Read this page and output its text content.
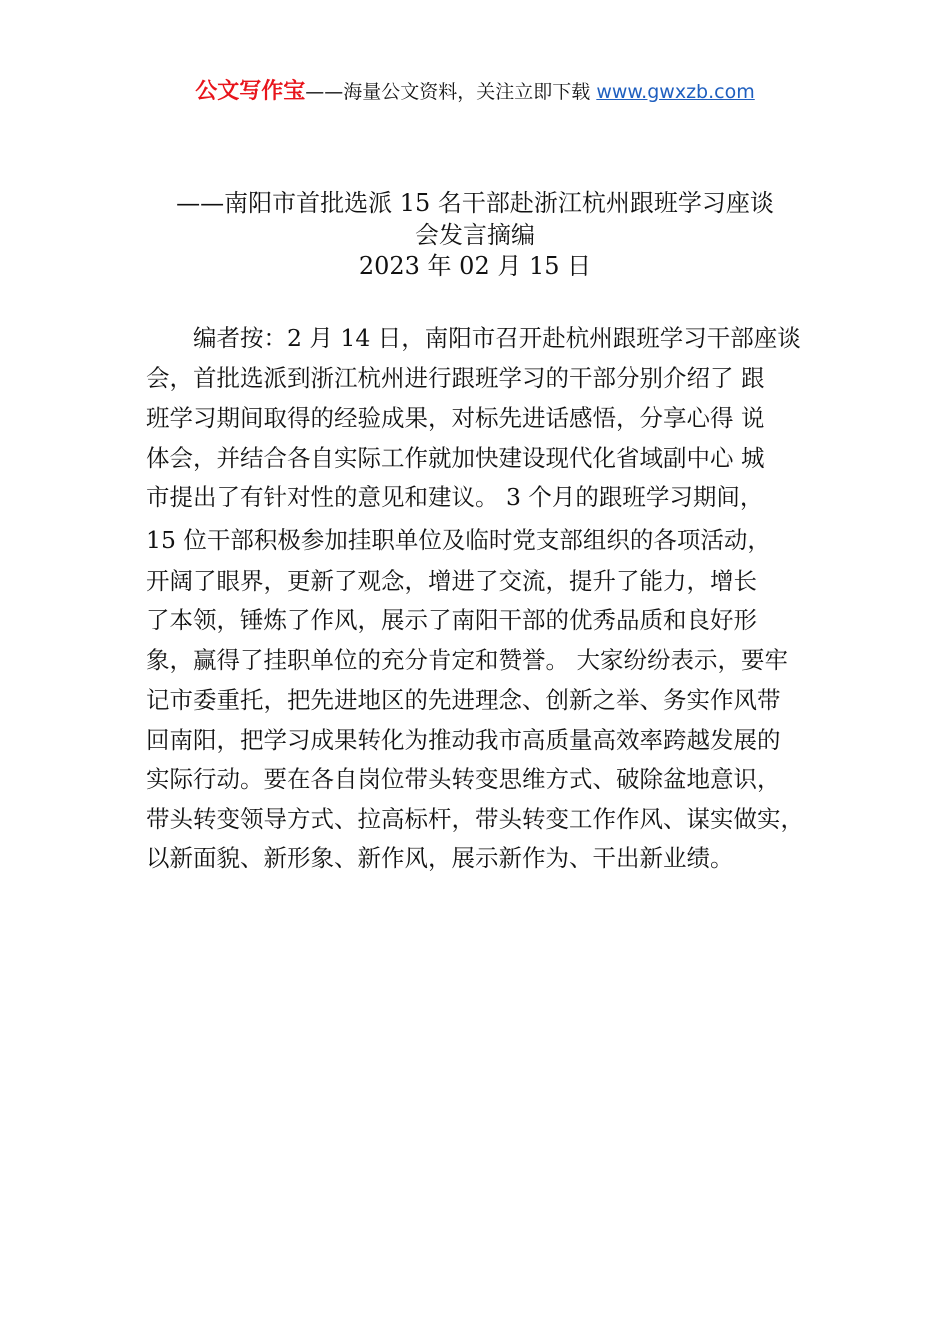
公文写作宝——海量公文资料，关注立即下载 www.gwxzb.com
——南阳市首批选派 15 名干部赴浙江杭州跟班学习座谈
会发言摘编
2023 年 02 月 15 日
　　编者按：2 月 14 日，南阳市召开赴杭州跟班学习干部座谈
会，首批选派到浙江杭州进行跟班学习的干部分别介绍了 跟
班学习期间取得的经验成果，对标先进话感悟，分享心得 说
体会，并结合各自实际工作就加快建设现代化省域副中心 城
市提出了有针对性的意见和建议。 3 个月的跟班学习期间，
15 位干部积极参加挂职单位及临时党支部组织的各项活动，
开阔了眼界，更新了观念，增进了交流，提升了能力，增长
了本领，锤炼了作风，展示了南阳干部的优秀品质和良好形
象，赢得了挂职单位的充分肯定和赞誉。 大家纷纷表示，要牢
记市委重托，把先进地区的先进理念、创新之举、务实作风带
回南阳，把学习成果转化为推动我市高质量高效率跨越发展的
实际行动。要在各自岗位带头转变思维方式、破除盆地意识，
带头转变领导方式、拉高标杆，带头转变工作作风、谋实做实，
以新面貌、新形象、新作风，展示新作为、干出新业绩。
